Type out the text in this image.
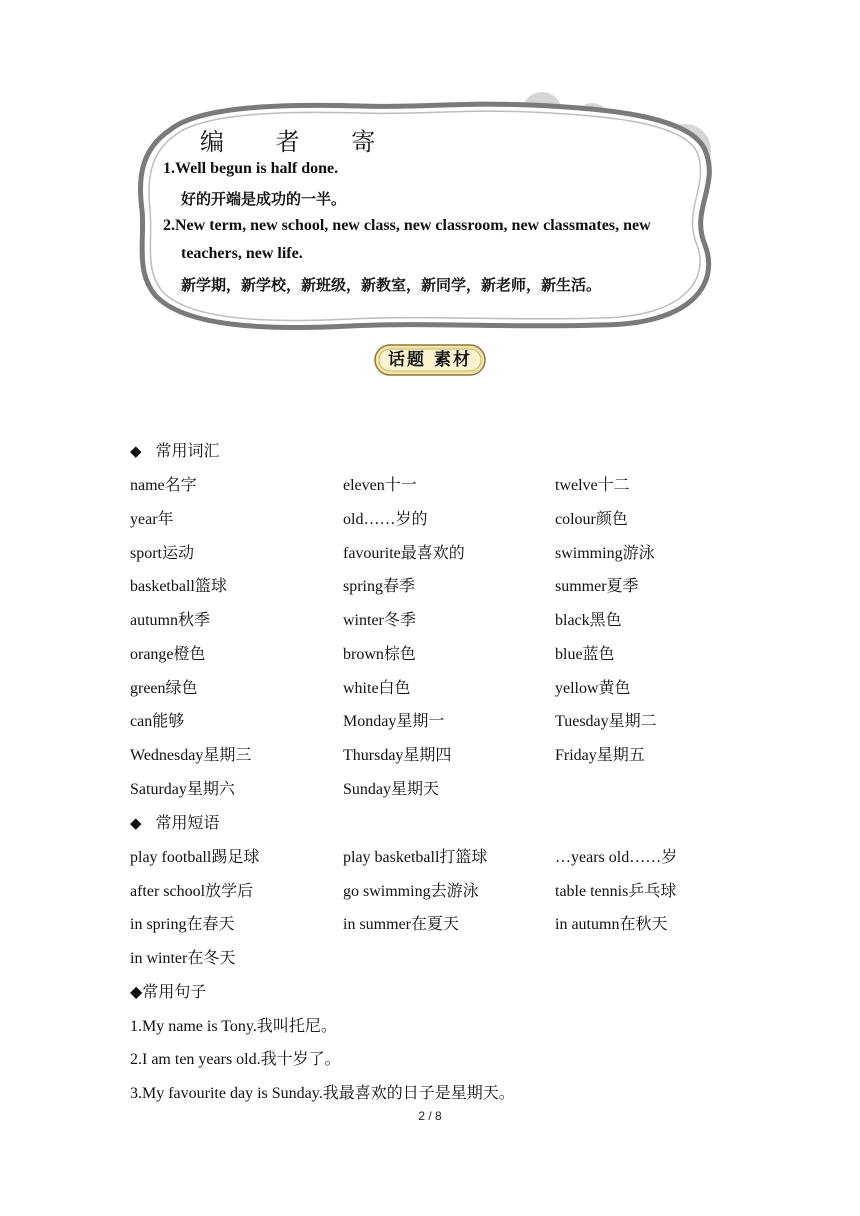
编 者 寄
1.Well begun is half done.
好的开端是成功的一半。
2.New term, new school, new class, new classroom, new classmates, new
teachers, new life.
新学期，新学校，新班级，新教室，新同学，新老师，新生活。
话题 素材
◆ 常用词汇
name名字	eleven十一	twelve十二
year年	old……岁的	colour颜色
sport运动	favourite最喜欢的	swimming游泳
basketball篮球	spring春季	summer夏季
autumn秋季	winter冬季	black黑色
orange橙色	brown棕色	blue蓝色
green绿色	white白色	yellow黄色
can能够	Monday星期一	Tuesday星期二
Wednesday星期三	Thursday星期四	Friday星期五
Saturday星期六	Sunday星期天
◆ 常用短语
play football踢足球	play basketball打篮球	…years old……岁
after school放学后	go swimming去游泳	table tennis乒乓球
in spring在春天	in summer在夏天	in autumn在秋天
in winter在冬天
◆常用句子
1.My name is Tony.我叫托尼。
2.I am ten years old.我十岁了。
3.My favourite day is Sunday.我最喜欢的日子是星期天。
2 / 8
